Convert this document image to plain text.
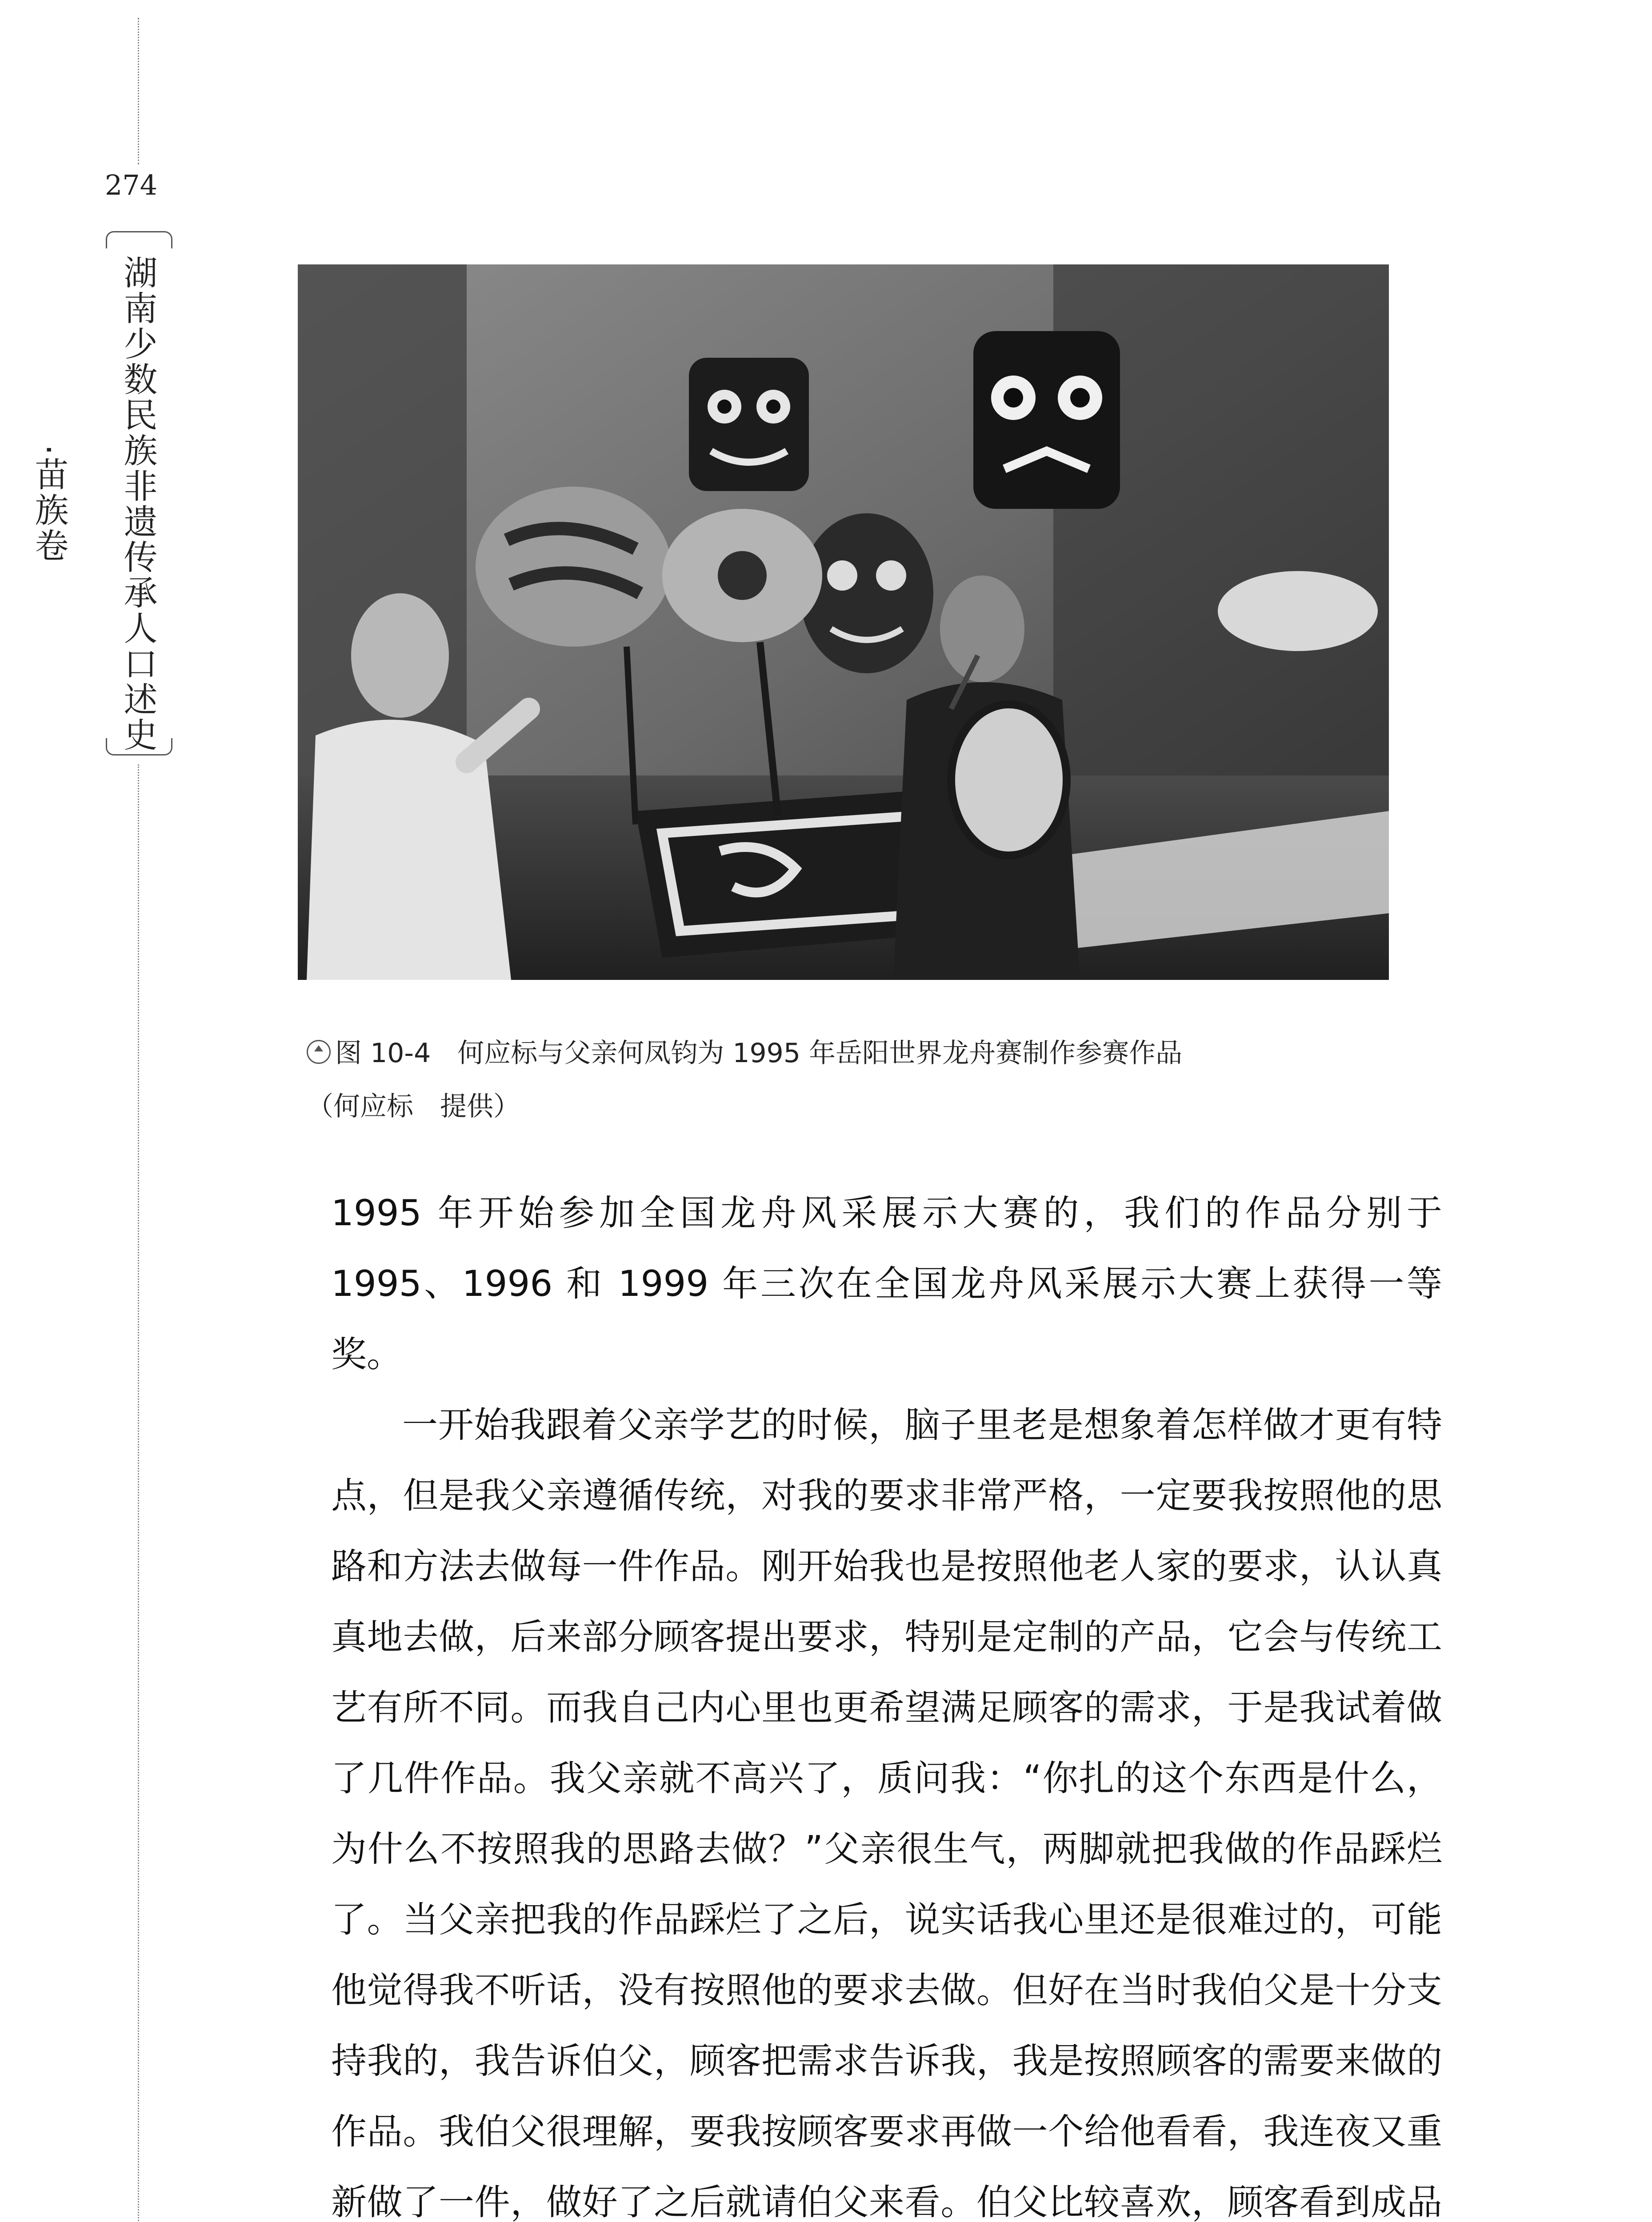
274
湖南少数民族非遗传承人口述史·苗族卷
图 10-4 何应标与父亲何凤钧为 1995 年岳阳世界龙舟赛制作参赛作品
（何应标　提供）

1995 年开始参加全国龙舟风采展示大赛的，我们的作品分别于 1995、1996 和 1999 年三次在全国龙舟风采展示大赛上获得一等奖。

一开始我跟着父亲学艺的时候，脑子里老是想象着怎样做才更有特点，但是我父亲遵循传统，对我的要求非常严格，一定要我按照他的思路和方法去做每一件作品。刚开始我也是按照他老人家的要求，认认真真地去做，后来部分顾客提出要求，特别是定制的产品，它会与传统工艺有所不同。而我自己内心里也更希望满足顾客的需求，于是我试着做了几件作品。我父亲就不高兴了，质问我：“你扎的这个东西是什么，为什么不按照我的思路去做？”父亲很生气，两脚就把我做的作品踩烂了。当父亲把我的作品踩烂了之后，说实话我心里还是很难过的，可能他觉得我不听话，没有按照他的要求去做。但好在当时我伯父是十分支持我的，我告诉伯父，顾客把需求告诉我，我是按照顾客的需要来做的作品。我伯父很理解，要我按顾客要求再做一个给他看看，我连夜又重新做了一件，做好了之后就请伯父来看。伯父比较喜欢，顾客看到成品
